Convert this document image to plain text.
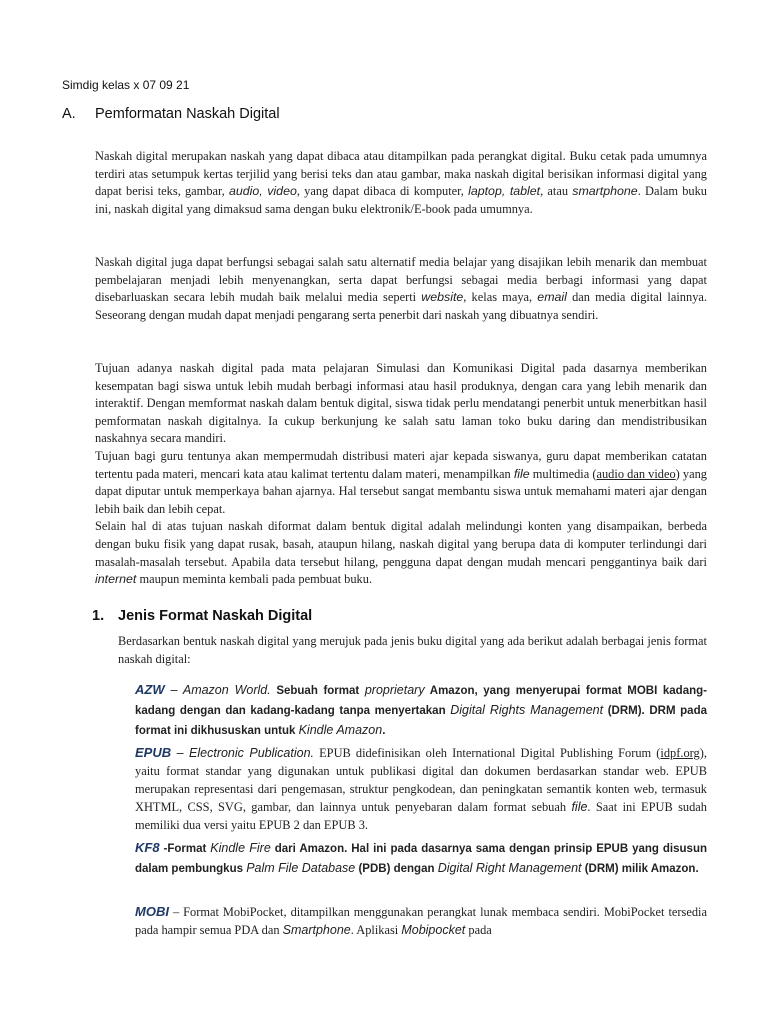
Simdig kelas x 07 09 21
A.	Pemformatan Naskah Digital

Naskah digital merupakan naskah yang dapat dibaca atau ditampilkan pada perangkat digital. Buku cetak pada umumnya terdiri atas setumpuk kertas terjilid yang berisi teks dan atau gambar, maka naskah digital berisikan informasi digital yang dapat berisi teks, gambar, audio, video, yang dapat dibaca di komputer, laptop, tablet, atau smartphone. Dalam buku ini, naskah digital yang dimaksud sama dengan buku elektronik/E-book pada umumnya.

Naskah digital juga dapat berfungsi sebagai salah satu alternatif media belajar yang disajikan lebih menarik dan membuat pembelajaran menjadi lebih menyenangkan, serta dapat berfungsi sebagai media berbagi informasi yang dapat disebarluaskan secara lebih mudah baik melalui media seperti website, kelas maya, email dan media digital lainnya. Seseorang dengan mudah dapat menjadi pengarang serta penerbit dari naskah yang dibuatnya sendiri.

Tujuan adanya naskah digital pada mata pelajaran Simulasi dan Komunikasi Digital pada dasarnya memberikan kesempatan bagi siswa untuk lebih mudah berbagi informasi atau hasil produknya, dengan cara yang lebih menarik dan interaktif. Dengan memformat naskah dalam bentuk digital, siswa tidak perlu mendatangi penerbit untuk menerbitkan hasil pemformatan naskah digitalnya. Ia cukup berkunjung ke salah satu laman toko buku daring dan mendistribusikan naskahnya secara mandiri.
Tujuan bagi guru tentunya akan mempermudah distribusi materi ajar kepada siswanya, guru dapat memberikan catatan tertentu pada materi, mencari kata atau kalimat tertentu dalam materi, menampilkan file multimedia (audio dan video) yang dapat diputar untuk memperkaya bahan ajarnya. Hal tersebut sangat membantu siswa untuk memahami materi ajar dengan lebih baik dan lebih cepat.
Selain hal di atas tujuan naskah diformat dalam bentuk digital adalah melindungi konten yang disampaikan, berbeda dengan buku fisik yang dapat rusak, basah, ataupun hilang, naskah digital yang berupa data di komputer terlindungi dari masalah-masalah tersebut. Apabila data tersebut hilang, pengguna dapat dengan mudah mencari penggantinya baik dari internet maupun meminta kembali pada pembuat buku.
1. Jenis Format Naskah Digital
Berdasarkan bentuk naskah digital yang merujuk pada jenis buku digital yang ada berikut adalah berbagai jenis format naskah digital:
AZW – Amazon World. Sebuah format proprietary Amazon, yang menyerupai format MOBI kadang-kadang dengan dan kadang-kadang tanpa menyertakan Digital Rights Management (DRM). DRM pada format ini dikhususkan untuk Kindle Amazon.
EPUB – Electronic Publication. EPUB didefinisikan oleh International Digital Publishing Forum (idpf.org), yaitu format standar yang digunakan untuk publikasi digital dan dokumen berdasarkan standar web. EPUB merupakan representasi dari pengemasan, struktur pengkodean, dan peningkatan semantik konten web, termasuk XHTML, CSS, SVG, gambar, dan lainnya untuk penyebaran dalam format sebuah file. Saat ini EPUB sudah memiliki dua versi yaitu EPUB 2 dan EPUB 3.
KF8 -Format Kindle Fire dari Amazon. Hal ini pada dasarnya sama dengan prinsip EPUB yang disusun dalam pembungkus Palm File Database (PDB) dengan Digital Right Management (DRM) milik Amazon.
MOBI – Format MobiPocket, ditampilkan menggunakan perangkat lunak membaca sendiri. MobiPocket tersedia pada hampir semua PDA dan Smartphone. Aplikasi Mobipocket pada
